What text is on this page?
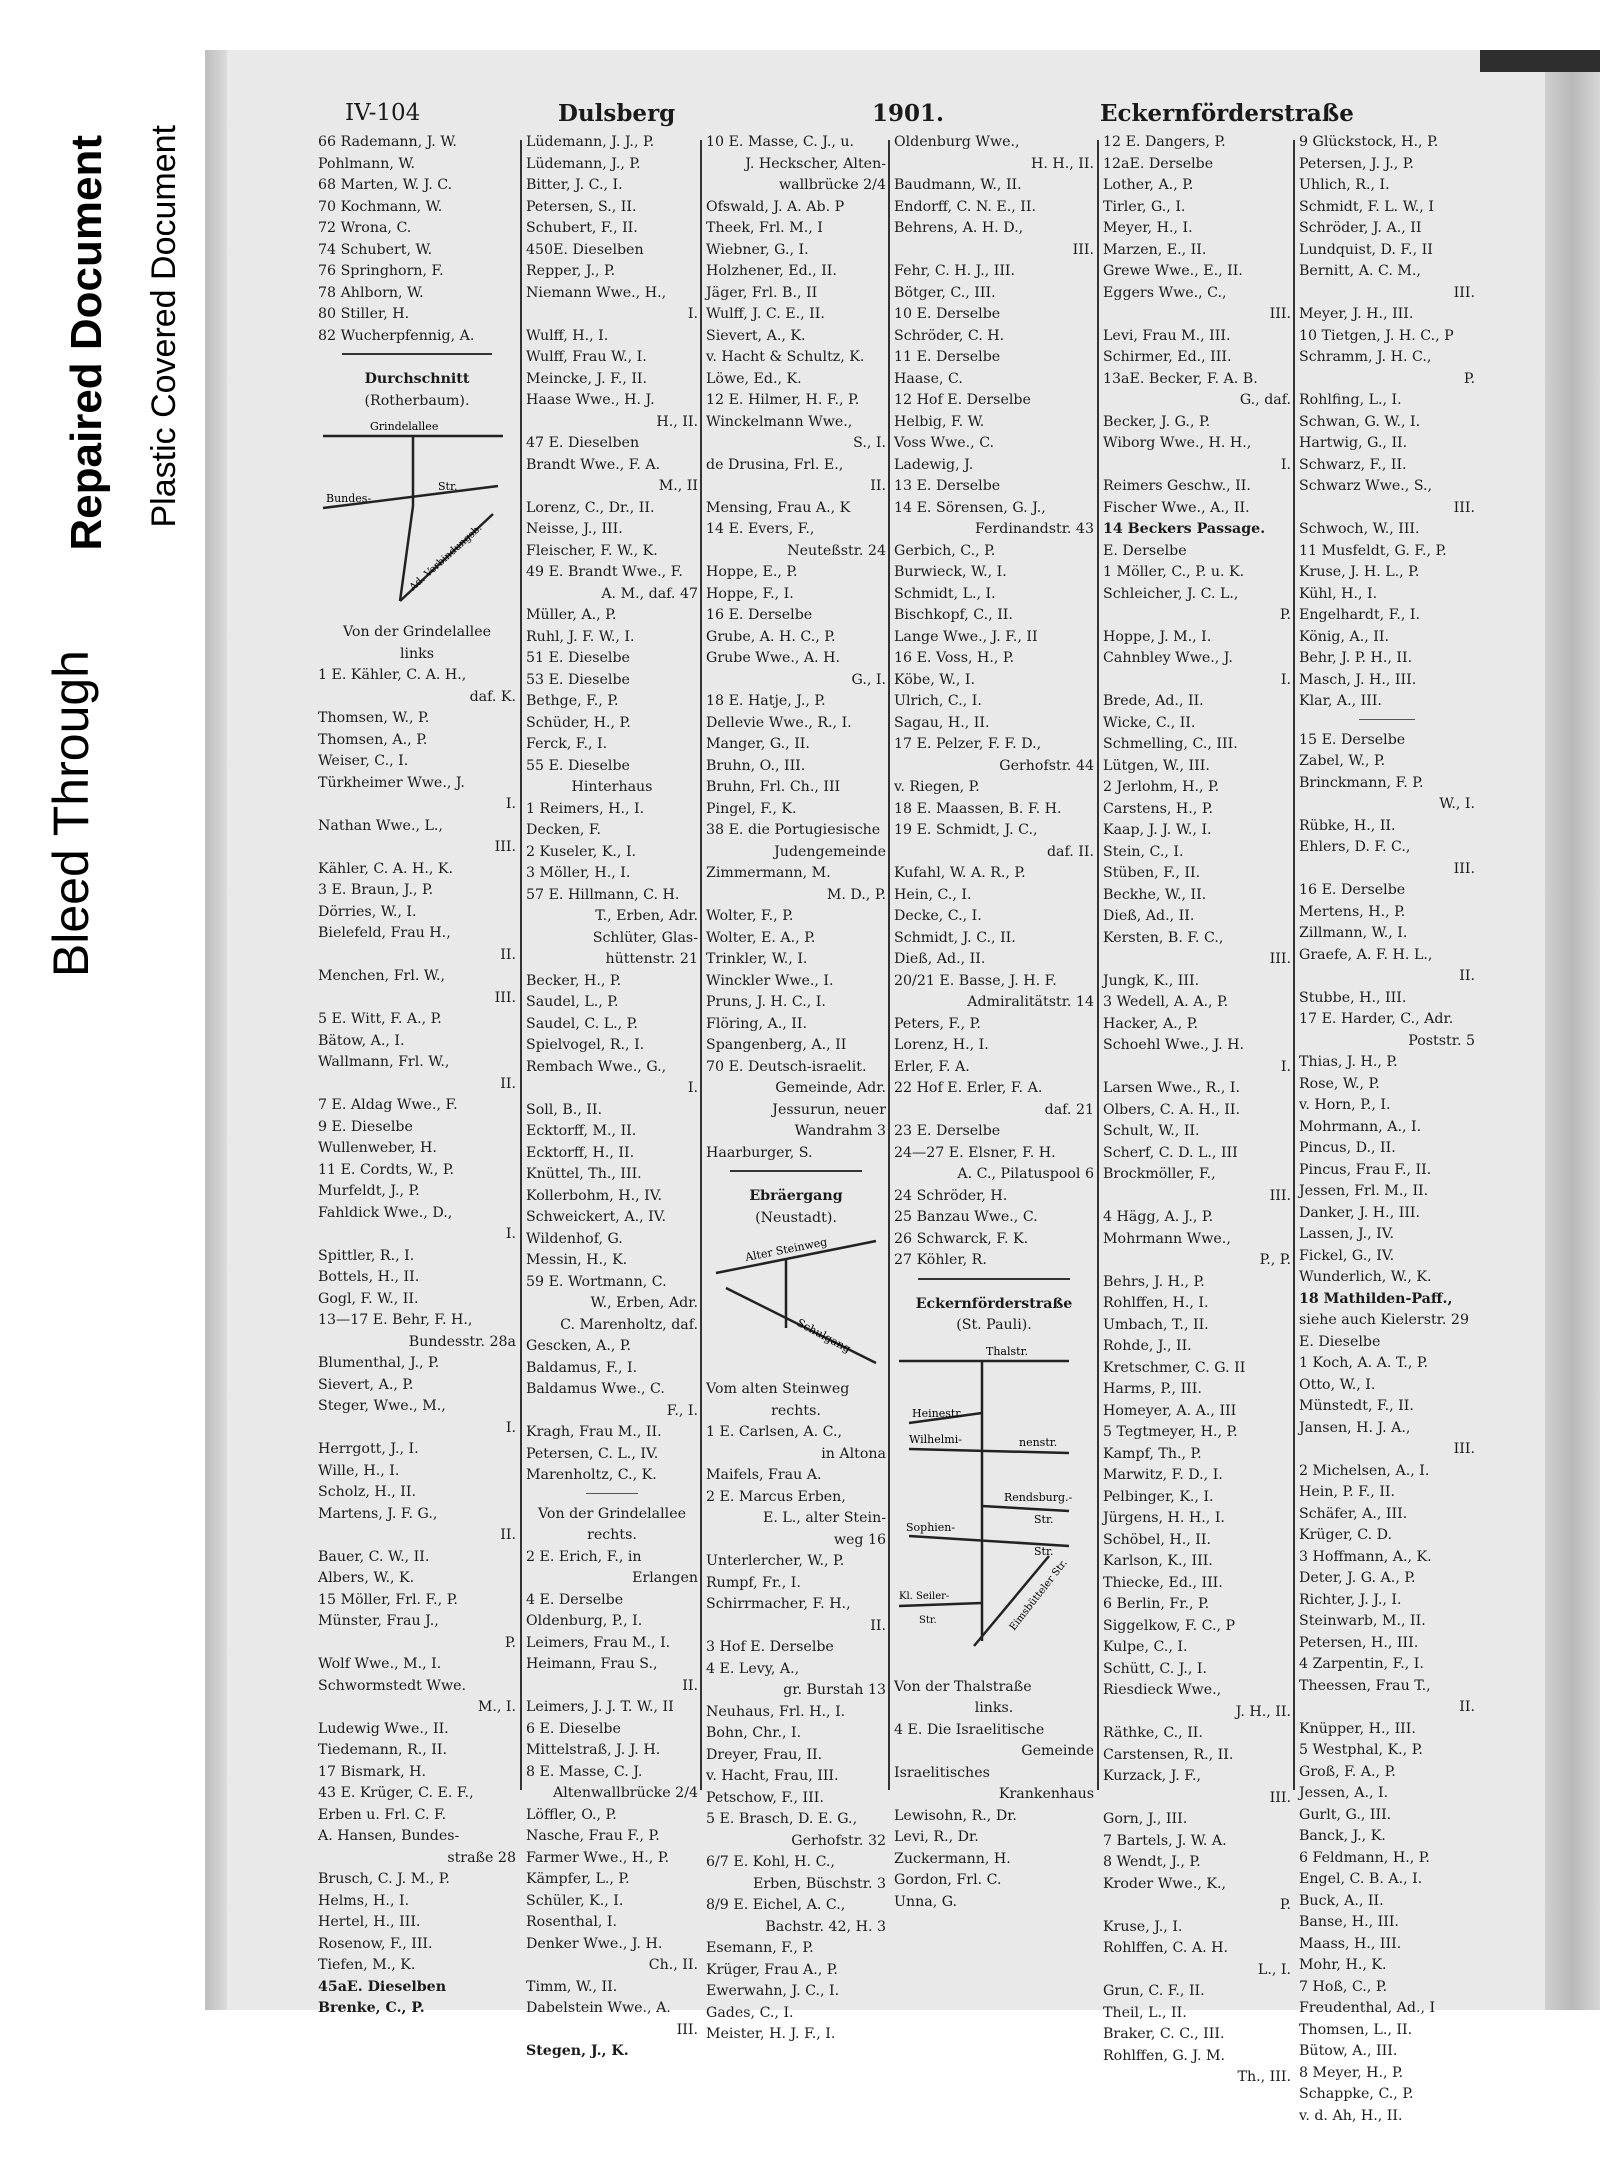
Bleed Through
Repaired Document Plastic Covered Document
IV-104	Dulsberg	1901.	Eckernförderstraße
66 Rademann, J. W.
Pohlmann, W.
68 Marten, W. J. C.
70 Kochmann, W.
72 Wrona, C.
74 Schubert, W.
76 Springhorn, F.
78 Ahlborn, W.
80 Stiller, H.
82 Wucherpfennig, A.
Durchschnitt
(Rotherbaum).
Grindelallee
Bundes-
Str.
Ad. Verbindungsb.
Von der Grindelallee
links
1 E. Kähler, C. A. H.,
daf. K.
Thomsen, W., P.
Thomsen, A., P.
Weiser, C., I.
Türkheimer Wwe., J.
I.
Nathan Wwe., L.,
III.
Kähler, C. A. H., K.
3 E. Braun, J., P.
Dörries, W., I.
Bielefeld, Frau H.,
II.
Menchen, Frl. W.,
III.
5 E. Witt, F. A., P.
Bätow, A., I.
Wallmann, Frl. W.,
II.
7 E. Aldag Wwe., F.
9 E. Dieselbe
Wullenweber, H.
11 E. Cordts, W., P.
Murfeldt, J., P.
Fahldick Wwe., D.,
I.
Spittler, R., I.
Bottels, H., II.
Gogl, F. W., II.
13—17 E. Behr, F. H.,
Bundesstr. 28a
Blumenthal, J., P.
Sievert, A., P.
Steger, Wwe., M.,
I.
Herrgott, J., I.
Wille, H., I.
Scholz, H., II.
Martens, J. F. G.,
II.
Bauer, C. W., II.
Albers, W., K.
15 Möller, Frl. F., P.
Münster, Frau J.,
P.
Wolf Wwe., M., I.
Schwormstedt Wwe.
M., I.
Ludewig Wwe., II.
Tiedemann, R., II.
17 Bismark, H.
43 E. Krüger, C. E. F.,
Erben u. Frl. C. F.
A. Hansen, Bundes-
straße 28
Brusch, C. J. M., P.
Helms, H., I.
Hertel, H., III.
Rosenow, F., III.
Tiefen, M., K.
45aE. Dieselben
Brenke, C., P.
Lüdemann, J. J., P.
Lüdemann, J., P.
Bitter, J. C., I.
Petersen, S., II.
Schubert, F., II.
450E. Dieselben
Repper, J., P.
Niemann Wwe., H.,
I.
Wulff, H., I.
Wulff, Frau W., I.
Meincke, J. F., II.
Haase Wwe., H. J.
H., II.
47 E. Dieselben
Brandt Wwe., F. A.
M., II
Lorenz, C., Dr., II.
Neisse, J., III.
Fleischer, F. W., K.
49 E. Brandt Wwe., F.
A. M., daf. 47
Müller, A., P.
Ruhl, J. F. W., I.
51 E. Dieselbe
53 E. Dieselbe
Bethge, F., P.
Schüder, H., P.
Ferck, F., I.
55 E. Dieselbe
Hinterhaus
1 Reimers, H., I.
Decken, F.
2 Kuseler, K., I.
3 Möller, H., I.
57 E. Hillmann, C. H.
T., Erben, Adr.
Schlüter, Glas-
hüttenstr. 21
Becker, H., P.
Saudel, L., P.
Saudel, C. L., P.
Spielvogel, R., I.
Rembach Wwe., G.,
I.
Soll, B., II.
Ecktorff, M., II.
Ecktorff, H., II.
Knüttel, Th., III.
Kollerbohm, H., IV.
Schweickert, A., IV.
Wildenhof, G.
Messin, H., K.
59 E. Wortmann, C.
W., Erben, Adr.
C. Marenholtz, daf.
Gescken, A., P.
Baldamus, F., I.
Baldamus Wwe., C.
F., I.
Kragh, Frau M., II.
Petersen, C. L., IV.
Marenholtz, C., K.
Von der Grindelallee
rechts.
2 E. Erich, F., in
Erlangen
4 E. Derselbe
Oldenburg, P., I.
Leimers, Frau M., I.
Heimann, Frau S.,
II.
Leimers, J. J. T. W., II
6 E. Dieselbe
Mittelstraß, J. J. H.
8 E. Masse, C. J.
Altenwallbrücke 2/4
Löffler, O., P.
Nasche, Frau F., P.
Farmer Wwe., H., P.
Kämpfer, L., P.
Schüler, K., I.
Rosenthal, I.
Denker Wwe., J. H.
Ch., II.
Timm, W., II.
Dabelstein Wwe., A.
III.
Stegen, J., K.
10 E. Masse, C. J., u.
J. Heckscher, Alten-
wallbrücke 2/4
Ofswald, J. A. Ab. P
Theek, Frl. M., I
Wiebner, G., I.
Holzhener, Ed., II.
Jäger, Frl. B., II
Wulff, J. C. E., II.
Sievert, A., K.
v. Hacht & Schultz, K.
Löwe, Ed., K.
12 E. Hilmer, H. F., P.
Winckelmann Wwe.,
S., I.
de Drusina, Frl. E.,
II.
Mensing, Frau A., K
14 E. Evers, F.,
Neuteßstr. 24
Hoppe, E., P.
Hoppe, F., I.
16 E. Derselbe
Grube, A. H. C., P.
Grube Wwe., A. H.
G., I.
18 E. Hatje, J., P.
Dellevie Wwe., R., I.
Manger, G., II.
Bruhn, O., III.
Bruhn, Frl. Ch., III
Pingel, F., K.
38 E. die Portugiesische
Judengemeinde
Zimmermann, M.
M. D., P.
Wolter, F., P.
Wolter, E. A., P.
Trinkler, W., I.
Winckler Wwe., I.
Pruns, J. H. C., I.
Flöring, A., II.
Spangenberg, A., II
70 E. Deutsch-israelit.
Gemeinde, Adr.
Jessurun, neuer
Wandrahm 3
Haarburger, S.
Ebräergang
(Neustadt).
Alter Steinweg
Schulgang
Vom alten Steinweg
rechts.
1 E. Carlsen, A. C.,
in Altona
Maifels, Frau A.
2 E. Marcus Erben,
E. L., alter Stein-
weg 16
Unterlercher, W., P.
Rumpf, Fr., I.
Schirrmacher, F. H.,
II.
3 Hof E. Derselbe
4 E. Levy, A.,
gr. Burstah 13
Neuhaus, Frl. H., I.
Bohn, Chr., I.
Dreyer, Frau, II.
v. Hacht, Frau, III.
Petschow, F., III.
5 E. Brasch, D. E. G.,
Gerhofstr. 32
6/7 E. Kohl, H. C.,
Erben, Büschstr. 3
8/9 E. Eichel, A. C.,
Bachstr. 42, H. 3
Esemann, F., P.
Krüger, Frau A., P.
Ewerwahn, J. C., I.
Gades, C., I.
Meister, H. J. F., I.
Oldenburg Wwe.,
H. H., II.
Baudmann, W., II.
Endorff, C. N. E., II.
Behrens, A. H. D.,
III.
Fehr, C. H. J., III.
Bötger, C., III.
10 E. Derselbe
Schröder, C. H.
11 E. Derselbe
Haase, C.
12 Hof E. Derselbe
Helbig, F. W.
Voss Wwe., C.
Ladewig, J.
13 E. Derselbe
14 E. Sörensen, G. J.,
Ferdinandstr. 43
Gerbich, C., P.
Burwieck, W., I.
Schmidt, L., I.
Bischkopf, C., II.
Lange Wwe., J. F., II
16 E. Voss, H., P.
Köbe, W., I.
Ulrich, C., I.
Sagau, H., II.
17 E. Pelzer, F. F. D.,
Gerhofstr. 44
v. Riegen, P.
18 E. Maassen, B. F. H.
19 E. Schmidt, J. C.,
daf. II.
Kufahl, W. A. R., P.
Hein, C., I.
Decke, C., I.
Schmidt, J. C., II.
Dieß, Ad., II.
20/21 E. Basse, J. H. F.
Admiralitätstr. 14
Peters, F., P.
Lorenz, H., I.
Erler, F. A.
22 Hof E. Erler, F. A.
daf. 21
23 E. Derselbe
24—27 E. Elsner, F. H.
A. C., Pilatuspool 6
24 Schröder, H.
25 Banzau Wwe., C.
26 Schwarck, F. K.
27 Köhler, R.
Eckernförderstraße
(St. Pauli).
Thalstr.
Heinestr.
Wilhelmi-	nenstr.
Rendsburg.-
Str.
Sophien-
Str.
Kl. Seiler-
Str.	Eimsbütteler Str.
Von der Thalstraße
links.
4 E. Die Israelitische
Gemeinde
Israelitisches
Krankenhaus
Lewisohn, R., Dr.
Levi, R., Dr.
Zuckermann, H.
Gordon, Frl. C.
Unna, G.
12 E. Dangers, P.
12aE. Derselbe
Lother, A., P.
Tirler, G., I.
Meyer, H., I.
Marzen, E., II.
Grewe Wwe., E., II.
Eggers Wwe., C.,
III.
Levi, Frau M., III.
Schirmer, Ed., III.
13aE. Becker, F. A. B.
G., daf.
Becker, J. G., P.
Wiborg Wwe., H. H.,
I.
Reimers Geschw., II.
Fischer Wwe., A., II.
14 Beckers Passage.
E. Derselbe
1 Möller, C., P. u. K.
Schleicher, J. C. L.,
P.
Hoppe, J. M., I.
Cahnbley Wwe., J.
I.
Brede, Ad., II.
Wicke, C., II.
Schmelling, C., III.
Lütgen, W., III.
2 Jerlohm, H., P.
Carstens, H., P.
Kaap, J. J. W., I.
Stein, C., I.
Stüben, F., II.
Beckhe, W., II.
Dieß, Ad., II.
Kersten, B. F. C.,
III.
Jungk, K., III.
3 Wedell, A. A., P.
Hacker, A., P.
Schoehl Wwe., J. H.
I.
Larsen Wwe., R., I.
Olbers, C. A. H., II.
Schult, W., II.
Scherf, C. D. L., III
Brockmöller, F.,
III.
4 Hägg, A. J., P.
Mohrmann Wwe.,
P., P.
Behrs, J. H., P.
Rohlffen, H., I.
Umbach, T., II.
Rohde, J., II.
Kretschmer, C. G. II
Harms, P., III.
Homeyer, A. A., III
5 Tegtmeyer, H., P.
Kampf, Th., P.
Marwitz, F. D., I.
Pelbinger, K., I.
Jürgens, H. H., I.
Schöbel, H., II.
Karlson, K., III.
Thiecke, Ed., III.
6 Berlin, Fr., P.
Siggelkow, F. C., P
Kulpe, C., I.
Schütt, C. J., I.
Riesdieck Wwe.,
J. H., II.
Räthke, C., II.
Carstensen, R., II.
Kurzack, J. F.,
III.
Gorn, J., III.
7 Bartels, J. W. A.
8 Wendt, J., P.
Kroder Wwe., K.,
P.
Kruse, J., I.
Rohlffen, C. A. H.
L., I.
Grun, C. F., II.
Theil, L., II.
Braker, C. C., III.
Rohlffen, G. J. M.
Th., III.
9 Glückstock, H., P.
Petersen, J. J., P.
Uhlich, R., I.
Schmidt, F. L. W., I
Schröder, J. A., II
Lundquist, D. F., II
Bernitt, A. C. M.,
III.
Meyer, J. H., III.
10 Tietgen, J. H. C., P
Schramm, J. H. C.,
P.
Rohlfing, L., I.
Schwan, G. W., I.
Hartwig, G., II.
Schwarz, F., II.
Schwarz Wwe., S.,
III.
Schwoch, W., III.
11 Musfeldt, G. F., P.
Kruse, J. H. L., P.
Kühl, H., I.
Engelhardt, F., I.
König, A., II.
Behr, J. P. H., II.
Masch, J. H., III.
Klar, A., III.
15 E. Derselbe
Zabel, W., P.
Brinckmann, F. P.
W., I.
Rübke, H., II.
Ehlers, D. F. C.,
III.
16 E. Derselbe
Mertens, H., P.
Zillmann, W., I.
Graefe, A. F. H. L.,
II.
Stubbe, H., III.
17 E. Harder, C., Adr.
Poststr. 5
Thias, J. H., P.
Rose, W., P.
v. Horn, P., I.
Mohrmann, A., I.
Pincus, D., II.
Pincus, Frau F., II.
Jessen, Frl. M., II.
Danker, J. H., III.
Lassen, J., IV.
Fickel, G., IV.
Wunderlich, W., K.
18 Mathilden-Paff.,
siehe auch Kielerstr. 29
E. Dieselbe
1 Koch, A. A. T., P.
Otto, W., I.
Münstedt, F., II.
Jansen, H. J. A.,
III.
2 Michelsen, A., I.
Hein, P. F., II.
Schäfer, A., III.
Krüger, C. D.
3 Hoffmann, A., K.
Deter, J. G. A., P.
Richter, J. J., I.
Steinwarb, M., II.
Petersen, H., III.
4 Zarpentin, F., I.
Theessen, Frau T.,
II.
Knüpper, H., III.
5 Westphal, K., P.
Groß, F. A., P.
Jessen, A., I.
Gurlt, G., III.
Banck, J., K.
6 Feldmann, H., P.
Engel, C. B. A., I.
Buck, A., II.
Banse, H., III.
Maass, H., III.
Mohr, H., K.
7 Hoß, C., P.
Freudenthal, Ad., I
Thomsen, L., II.
Bütow, A., III.
8 Meyer, H., P.
Schappke, C., P.
v. d. Ah, H., II.
